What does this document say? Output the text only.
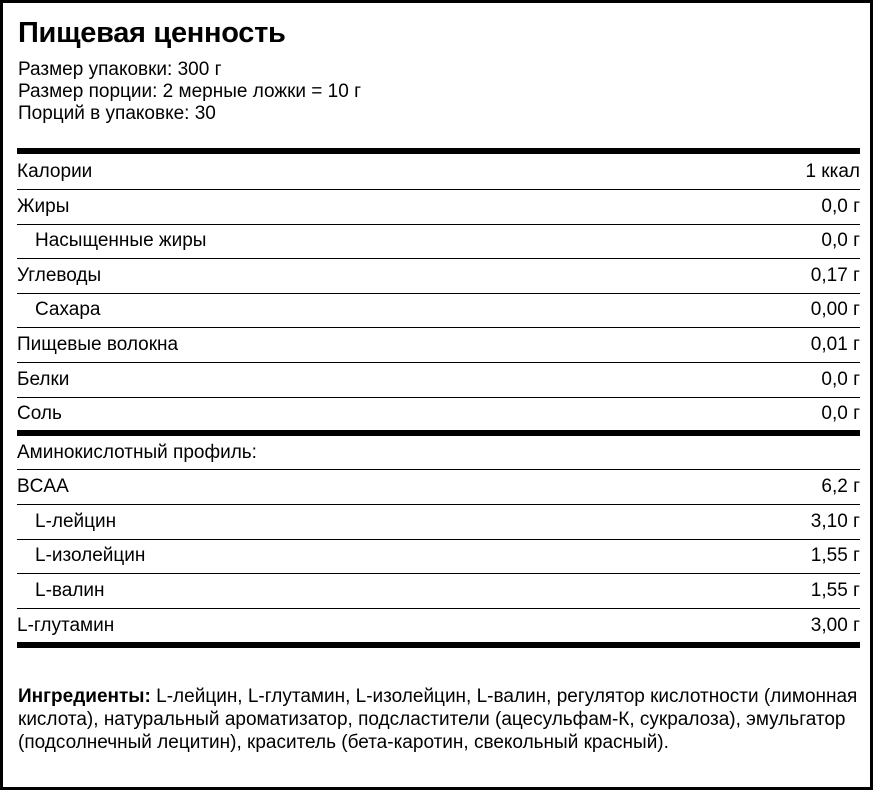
Пищевая ценность
Размер упаковки: 300 г
Размер порции: 2 мерные ложки = 10 г
Порций в упаковке: 30
Калории	1 ккал
Жиры	0,0 г
Насыщенные жиры	0,0 г
Углеводы	0,17 г
Сахара	0,00 г
Пищевые волокна	0,01 г
Белки	0,0 г
Соль	0,0 г
Аминокислотный профиль:
BCAA	6,2 г
L-лейцин	3,10 г
L-изолейцин	1,55 г
L-валин	1,55 г
L-глутамин	3,00 г
Ингредиенты: L-лейцин, L-глутамин, L-изолейцин, L-валин, регулятор кислотности (лимонная кислота), натуральный ароматизатор, подсластители (ацесульфам-К, сукралоза), эмульгатор (подсолнечный лецитин), краситель (бета-каротин, свекольный красный).
